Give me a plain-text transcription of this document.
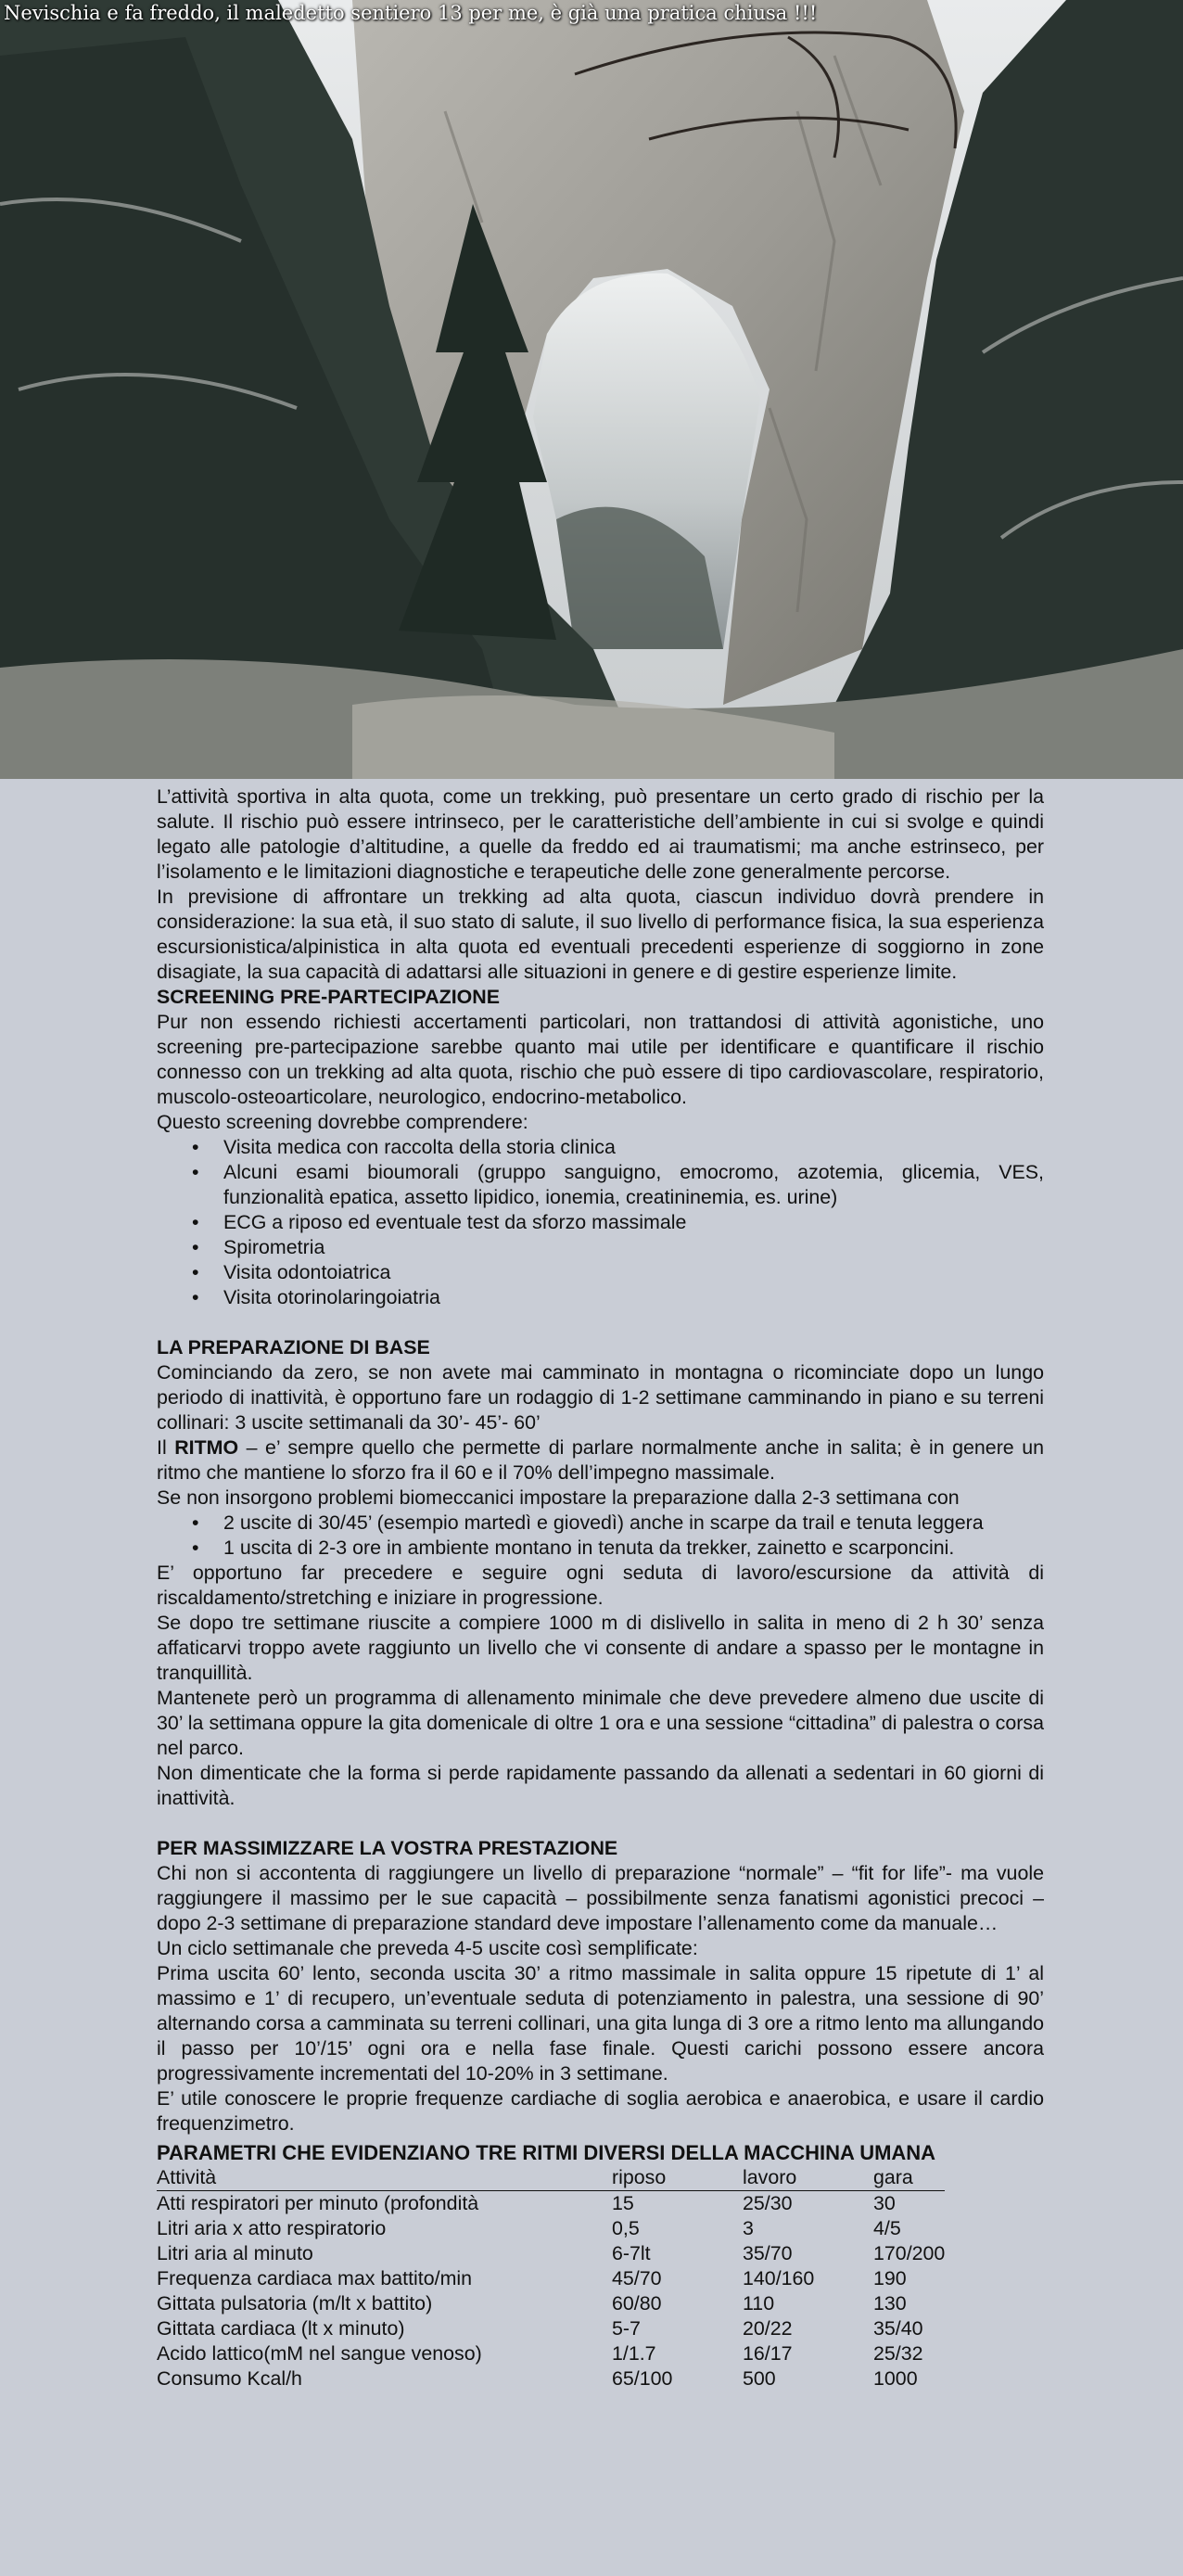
Nevischia e fa freddo, il maledetto sentiero 13 per me, è già una pratica chiusa !!!

L’attività sportiva in alta quota, come un trekking, può presentare un certo grado di rischio per la salute. Il rischio può essere intrinseco, per le caratteristiche dell’ambiente in cui si svolge e quindi legato alle patologie d’altitudine, a quelle da freddo ed ai traumatismi; ma anche estrinseco, per l’isolamento e le limitazioni diagnostiche e terapeutiche delle zone generalmente percorse.

In previsione di affrontare un trekking ad alta quota, ciascun individuo dovrà prendere in considerazione: la sua età, il suo stato di salute, il suo livello di performance fisica, la sua esperienza escursionistica/alpinistica in alta quota ed eventuali precedenti esperienze di soggiorno in zone disagiate, la sua capacità di adattarsi alle situazioni in genere e di gestire esperienze limite.

SCREENING PRE-PARTECIPAZIONE

Pur non essendo richiesti accertamenti particolari, non trattandosi di attività agonistiche, uno screening pre-partecipazione sarebbe quanto mai utile per identificare e quantificare il rischio connesso con un trekking ad alta quota, rischio che può essere di tipo cardiovascolare, respiratorio, muscolo-osteoarticolare, neurologico, endocrino-metabolico.

Questo screening dovrebbe comprendere:

• Visita medica con raccolta della storia clinica
• Alcuni esami bioumorali (gruppo sanguigno, emocromo, azotemia, glicemia, VES, funzionalità epatica, assetto lipidico, ionemia, creatininemia, es. urine)
• ECG a riposo ed eventuale test da sforzo massimale
• Spirometria
• Visita odontoiatrica
• Visita otorinolaringoiatria
LA PREPARAZIONE DI BASE

Cominciando da zero, se non avete mai camminato in montagna o ricominciate dopo un lungo periodo di inattività, è opportuno fare un rodaggio di 1-2 settimane camminando in piano e su terreni collinari: 3 uscite settimanali da 30’- 45’- 60’

Il RITMO – e’ sempre quello che permette di parlare normalmente anche in salita; è in genere un ritmo che mantiene lo sforzo fra il 60 e il 70% dell’impegno massimale.

Se non insorgono problemi biomeccanici impostare la preparazione dalla 2-3 settimana con

• 2 uscite di 30/45’ (esempio martedì e giovedì) anche in scarpe da trail e tenuta leggera
• 1 uscita di 2-3 ore in ambiente montano in tenuta da trekker, zainetto e scarponcini.

E’ opportuno far precedere e seguire ogni seduta di lavoro/escursione da attività di riscaldamento/stretching e iniziare in progressione.

Se dopo tre settimane riuscite a compiere 1000 m di dislivello in salita in meno di 2 h 30’ senza affaticarvi troppo avete raggiunto un livello che vi consente di andare a spasso per le montagne in tranquillità.

Mantenete però un programma di allenamento minimale che deve prevedere almeno due uscite di 30’ la settimana oppure la gita domenicale di oltre 1 ora e una sessione “cittadina” di palestra o corsa nel parco.

Non dimenticate che la forma si perde rapidamente passando da allenati a sedentari in 60 giorni di inattività.

PER MASSIMIZZARE LA VOSTRA PRESTAZIONE

Chi non si accontenta di raggiungere un livello di preparazione “normale” – “fit for life”- ma vuole raggiungere il massimo per le sue capacità – possibilmente senza fanatismi agonistici precoci – dopo 2-3 settimane di preparazione standard deve impostare l’allenamento come da manuale…

Un ciclo settimanale che preveda 4-5 uscite così semplificate:

Prima uscita 60’ lento, seconda uscita 30’ a ritmo massimale in salita oppure 15 ripetute di 1’ al massimo e 1’ di recupero, un’eventuale seduta di potenziamento in palestra, una sessione di 90’ alternando corsa a camminata su terreni collinari, una gita lunga di 3 ore a ritmo lento ma allungando il passo per 10’/15’ ogni ora e nella fase finale. Questi carichi possono essere ancora progressivamente incrementati del 10-20% in 3 settimane.

E’ utile conoscere le proprie frequenze cardiache di soglia aerobica e anaerobica, e usare il cardio frequenzimetro.

PARAMETRI CHE EVIDENZIANO TRE RITMI DIVERSI DELLA MACCHINA UMANA
Attività	riposo	lavoro	gara
Atti respiratori per minuto (profondità	15	25/30	30
Litri aria x atto respiratorio	0,5	3	4/5
Litri aria al minuto	6-7lt	35/70	170/200
Frequenza cardiaca max battito/min	45/70	140/160	190
Gittata pulsatoria (m/lt x battito)	60/80	110	130
Gittata cardiaca (lt x minuto)	5-7	20/22	35/40
Acido lattico(mM nel sangue venoso)	1/1.7	16/17	25/32
Consumo Kcal/h	65/100	500	1000
